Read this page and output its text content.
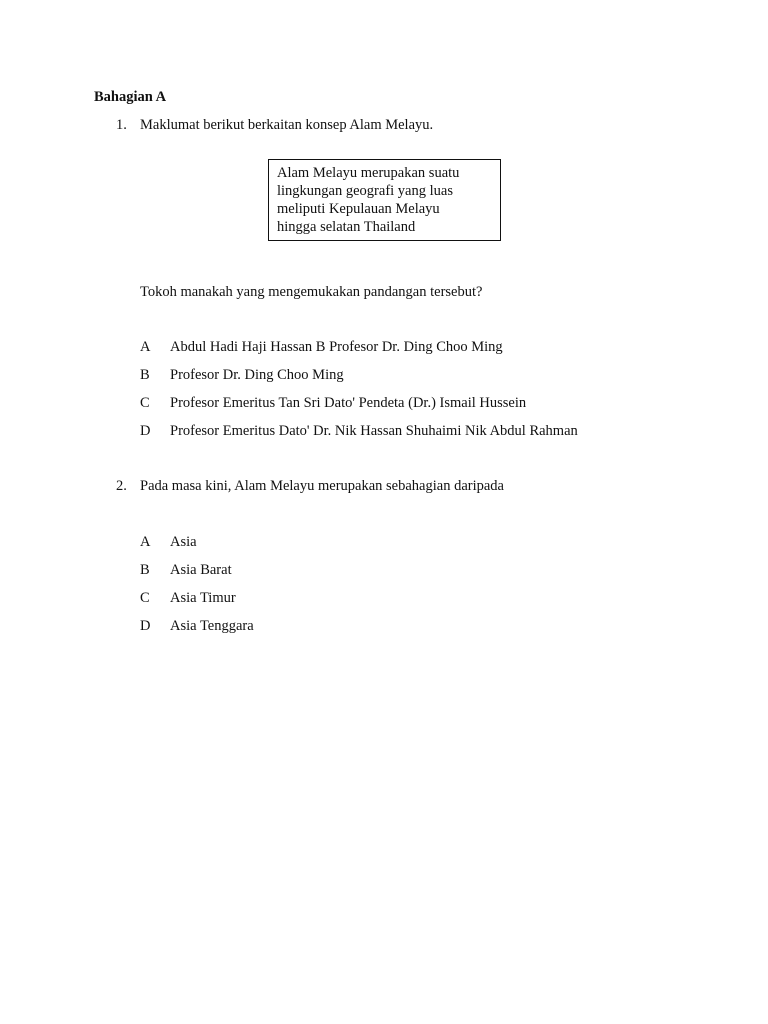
Bahagian A
1. Maklumat berikut berkaitan konsep Alam Melayu.
Alam Melayu merupakan suatu
lingkungan geografi yang luas
meliputi Kepulauan Melayu
hingga selatan Thailand
Tokoh manakah yang mengemukakan pandangan tersebut?
A Abdul Hadi Haji Hassan B Profesor Dr. Ding Choo Ming
B Profesor Dr. Ding Choo Ming
C Profesor Emeritus Tan Sri Dato' Pendeta (Dr.) Ismail Hussein
D Profesor Emeritus Dato' Dr. Nik Hassan Shuhaimi Nik Abdul Rahman
2. Pada masa kini, Alam Melayu merupakan sebahagian daripada
A Asia
B Asia Barat
C Asia Timur
D Asia Tenggara
